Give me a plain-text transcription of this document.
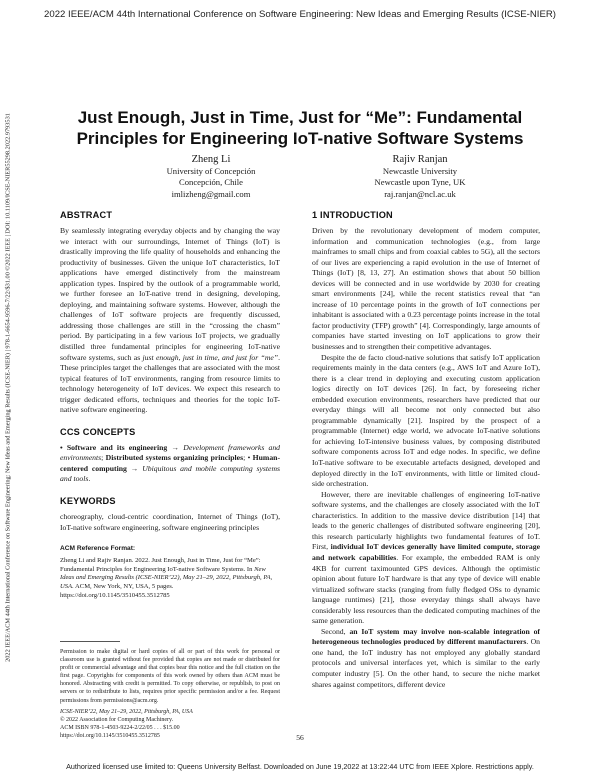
2022 IEEE/ACM 44th International Conference on Software Engineering: New Ideas and Emerging Results (ICSE-NIER)
2022 IEEE/ACM 44th International Conference on Software Engineering: New Ideas and Emerging Results (ICSE-NIER) | 978-1-6654-9596-7/22/$31.00 ©2022 IEEE | DOI: 10.1109/ICSE-NIER55298.2022.9793531	Just Enough, Just in Time, Just for “Me”: Fundamental Principles for Engineering IoT-native Software Systems
Zheng Li
University of Concepción
Concepción, Chile
imlizheng@gmail.com
Rajiv Ranjan
Newcastle University
Newcastle upon Tyne, UK
raj.ranjan@ncl.ac.uk
ABSTRACT

By seamlessly integrating everyday objects and by changing the way we interact with our surroundings, Internet of Things (IoT) is drastically improving the life quality of households and enhancing the productivity of businesses. Given the unique IoT characteristics, IoT applications have emerged distinctively from the mainstream application types. Inspired by the outlook of a programmable world, we further foresee an IoT-native trend in designing, developing, deploying, and maintaining software systems. However, although the challenges of IoT software projects are frequently discussed, addressing those challenges are still in the “crossing the chasm” period. By participating in a few various IoT projects, we gradually distilled three fundamental principles for engineering IoT-native software systems, such as just enough, just in time, and just for “me”. These principles target the challenges that are associated with the most typical features of IoT environments, ranging from resource limits to technology heterogeneity of IoT devices. We expect this research to trigger dedicated efforts, techniques and theories for the topic IoT-native software engineering.

CCS CONCEPTS

• Software and its engineering → Development frameworks and environments; Distributed systems organizing principles; • Human-centered computing → Ubiquitous and mobile computing systems and tools.

KEYWORDS

choreography, cloud-centric coordination, Internet of Things (IoT), IoT-native software engineering, software engineering principles

ACM Reference Format:

Zheng Li and Rajiv Ranjan. 2022. Just Enough, Just in Time, Just for “Me”: Fundamental Principles for Engineering IoT-native Software Systems. In New Ideas and Emerging Results (ICSE-NIER’22), May 21–29, 2022, Pittsburgh, PA, USA. ACM, New York, NY, USA, 5 pages. https://doi.org/10.1145/3510455.3512785

Permission to make digital or hard copies of all or part of this work for personal or classroom use is granted without fee provided that copies are not made or distributed for profit or commercial advantage and that copies bear this notice and the full citation on the first page. Copyrights for components of this work owned by others than ACM must be honored. Abstracting with credit is permitted. To copy otherwise, or republish, to post on servers or to redistribute to lists, requires prior specific permission and/or a fee. Request permissions from permissions@acm.org.

ICSE-NIER’22, May 21–29, 2022, Pittsburgh, PA, USA
© 2022 Association for Computing Machinery.
ACM ISBN 978-1-4503-9224-2/22/05 . . . $15.00
https://doi.org/10.1145/3510455.3512785
1 INTRODUCTION

Driven by the revolutionary development of modern computer, information and communication technologies (e.g., from large mainframes to small chips and from coaxial cables to 5G), all the sectors of our lives are experiencing a rapid evolution in the use of Internet of Things (IoT) [8, 13, 27]. An estimation shows that about 50 billion devices will be connected and in use worldwide by 2030 for creating smart environments [24], while the recent statistics reveal that “an increase of 10 percentage points in the growth of IoT connections per inhabitant is associated with a 0.23 percentage points increase in the total factor productivity (TFP) growth” [4]. Correspondingly, large amounts of companies have started investing on IoT applications to grow their businesses and to strengthen their competitive advantages.

Despite the de facto cloud-native solutions that satisfy IoT application requirements mainly in the data centers (e.g., AWS IoT and Azure IoT), there is a clear trend in deploying and executing custom application logics directly on IoT devices [26]. In fact, by foreseeing richer embedded execution environments, researchers have predicted that our everyday things will all become not only connected but also programmable dynamically [21]. Inspired by the prospect of a programmable (Internet) edge world, we advocate IoT-native solutions for achieving IoT-intensive business values, by composing distributed software components across IoT and edge nodes. In specific, we define IoT-native software to be executable artefacts designed, developed and deployed directly in the IoT environments, with little or limited cloud-side orchestration.

However, there are inevitable challenges of engineering IoT-native software systems, and the challenges are closely associated with the IoT characteristics. In addition to the massive device distribution [14] that leads to the generic challenges of distributed software engineering [20], this research particularly highlights two fundamental features of IoT. First, individual IoT devices generally have limited compute, storage and network capabilities. For example, the embedded RAM is only 4KB for current taximounted GPS devices. Although the optimistic opinion about future IoT hardware is that any type of device will enable virtualized software stacks (ranging from fully fledged OSs to dynamic language runtimes) [21], those everyday things shall always have considerably less resources than the dedicated computing machines of the same generation.

Second, an IoT system may involve non-scalable integration of heterogeneous technologies produced by different manufacturers. On one hand, the IoT industry has not employed any globally standard protocols and universal interfaces yet, which is similar to the early computer industry [5]. On the other hand, to secure the niche market shares against competitors, different device

56
Authorized licensed use limited to: Queens University Belfast. Downloaded on June 19,2022 at 13:22:44 UTC from IEEE Xplore. Restrictions apply.
